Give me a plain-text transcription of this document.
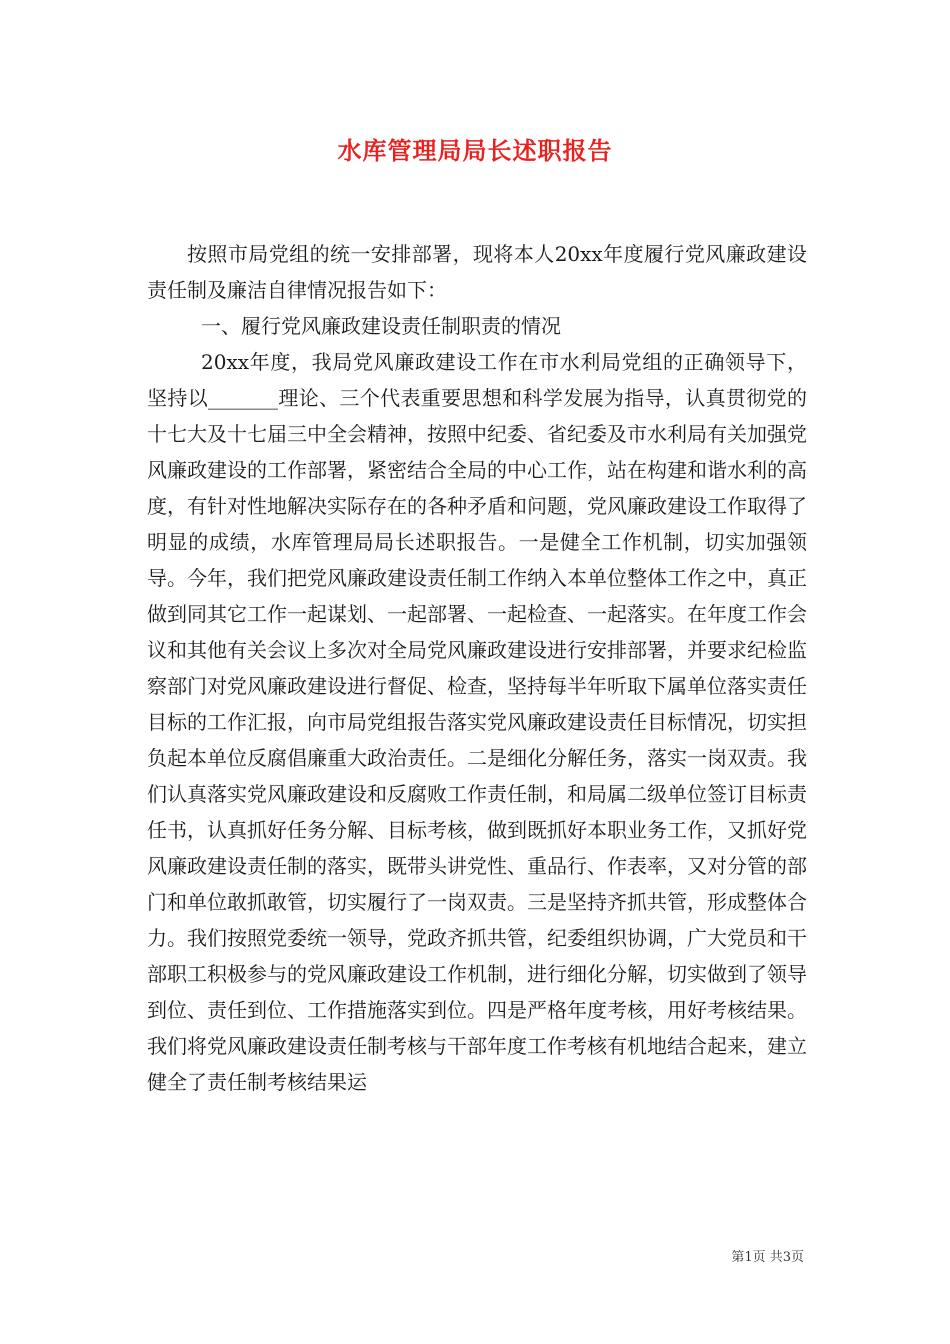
水库管理局局长述职报告

按照市局党组的统一安排部署，现将本人20xx年度履行党风廉政建设责任制及廉洁自律情况报告如下：

一、履行党风廉政建设责任制职责的情况

20xx年度，我局党风廉政建设工作在市水利局党组的正确领导下，坚持以_______理论、三个代表重要思想和科学发展为指导，认真贯彻党的十七大及十七届三中全会精神，按照中纪委、省纪委及市水利局有关加强党风廉政建设的工作部署，紧密结合全局的中心工作，站在构建和谐水利的高度，有针对性地解决实际存在的各种矛盾和问题，党风廉政建设工作取得了明显的成绩，水库管理局局长述职报告。一是健全工作机制，切实加强领导。今年，我们把党风廉政建设责任制工作纳入本单位整体工作之中，真正做到同其它工作一起谋划、一起部署、一起检查、一起落实。在年度工作会议和其他有关会议上多次对全局党风廉政建设进行安排部署，并要求纪检监察部门对党风廉政建设进行督促、检查，坚持每半年听取下属单位落实责任目标的工作汇报，向市局党组报告落实党风廉政建设责任目标情况，切实担负起本单位反腐倡廉重大政治责任。二是细化分解任务，落实一岗双责。我们认真落实党风廉政建设和反腐败工作责任制，和局属二级单位签订目标责任书，认真抓好任务分解、目标考核，做到既抓好本职业务工作，又抓好党风廉政建设责任制的落实，既带头讲党性、重品行、作表率，又对分管的部门和单位敢抓敢管，切实履行了一岗双责。三是坚持齐抓共管，形成整体合力。我们按照党委统一领导，党政齐抓共管，纪委组织协调，广大党员和干部职工积极参与的党风廉政建设工作机制，进行细化分解，切实做到了领导到位、责任到位、工作措施落实到位。四是严格年度考核，用好考核结果。我们将党风廉政建设责任制考核与干部年度工作考核有机地结合起来，建立健全了责任制考核结果运

第1页 共3页
